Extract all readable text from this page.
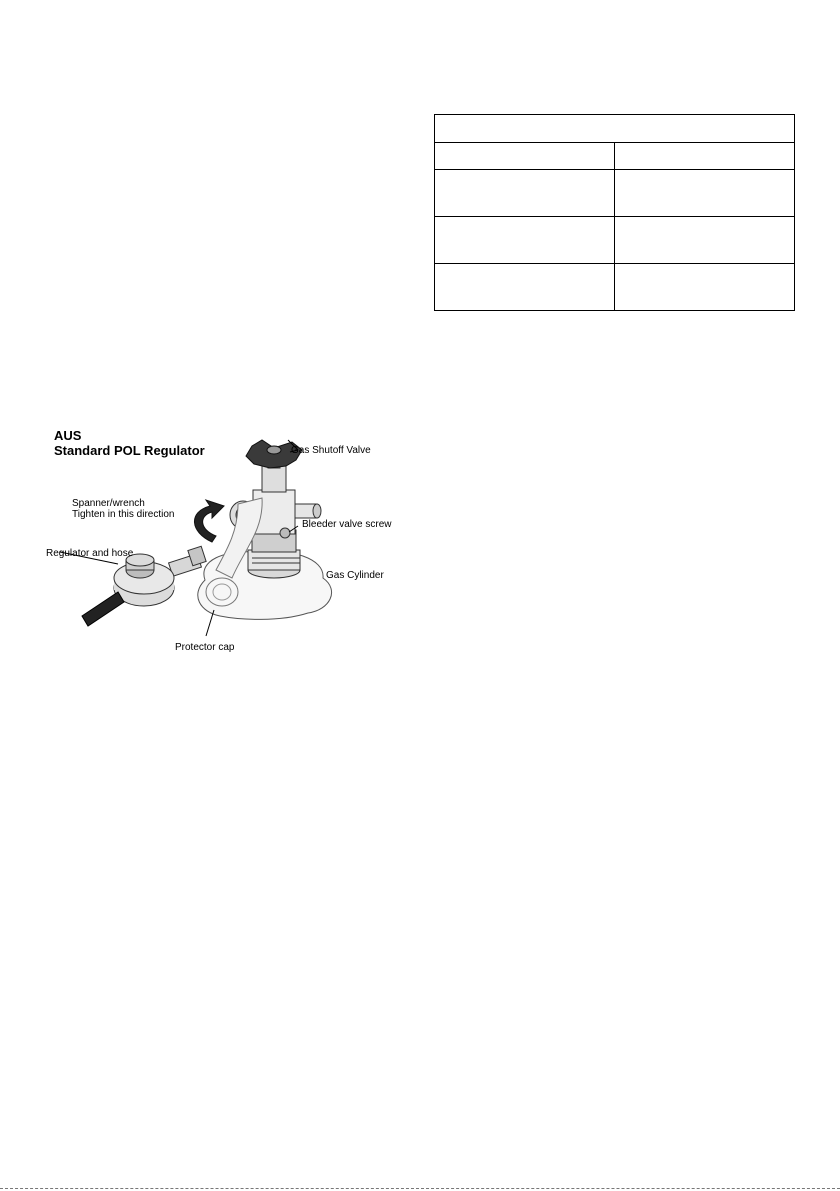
AUS
Standard POL Regulator	Gas Shutoff Valve
Spanner/wrench
Tighten in this direction
Bleeder valve screw
Regulator and hose
Gas Cylinder
Protector cap
